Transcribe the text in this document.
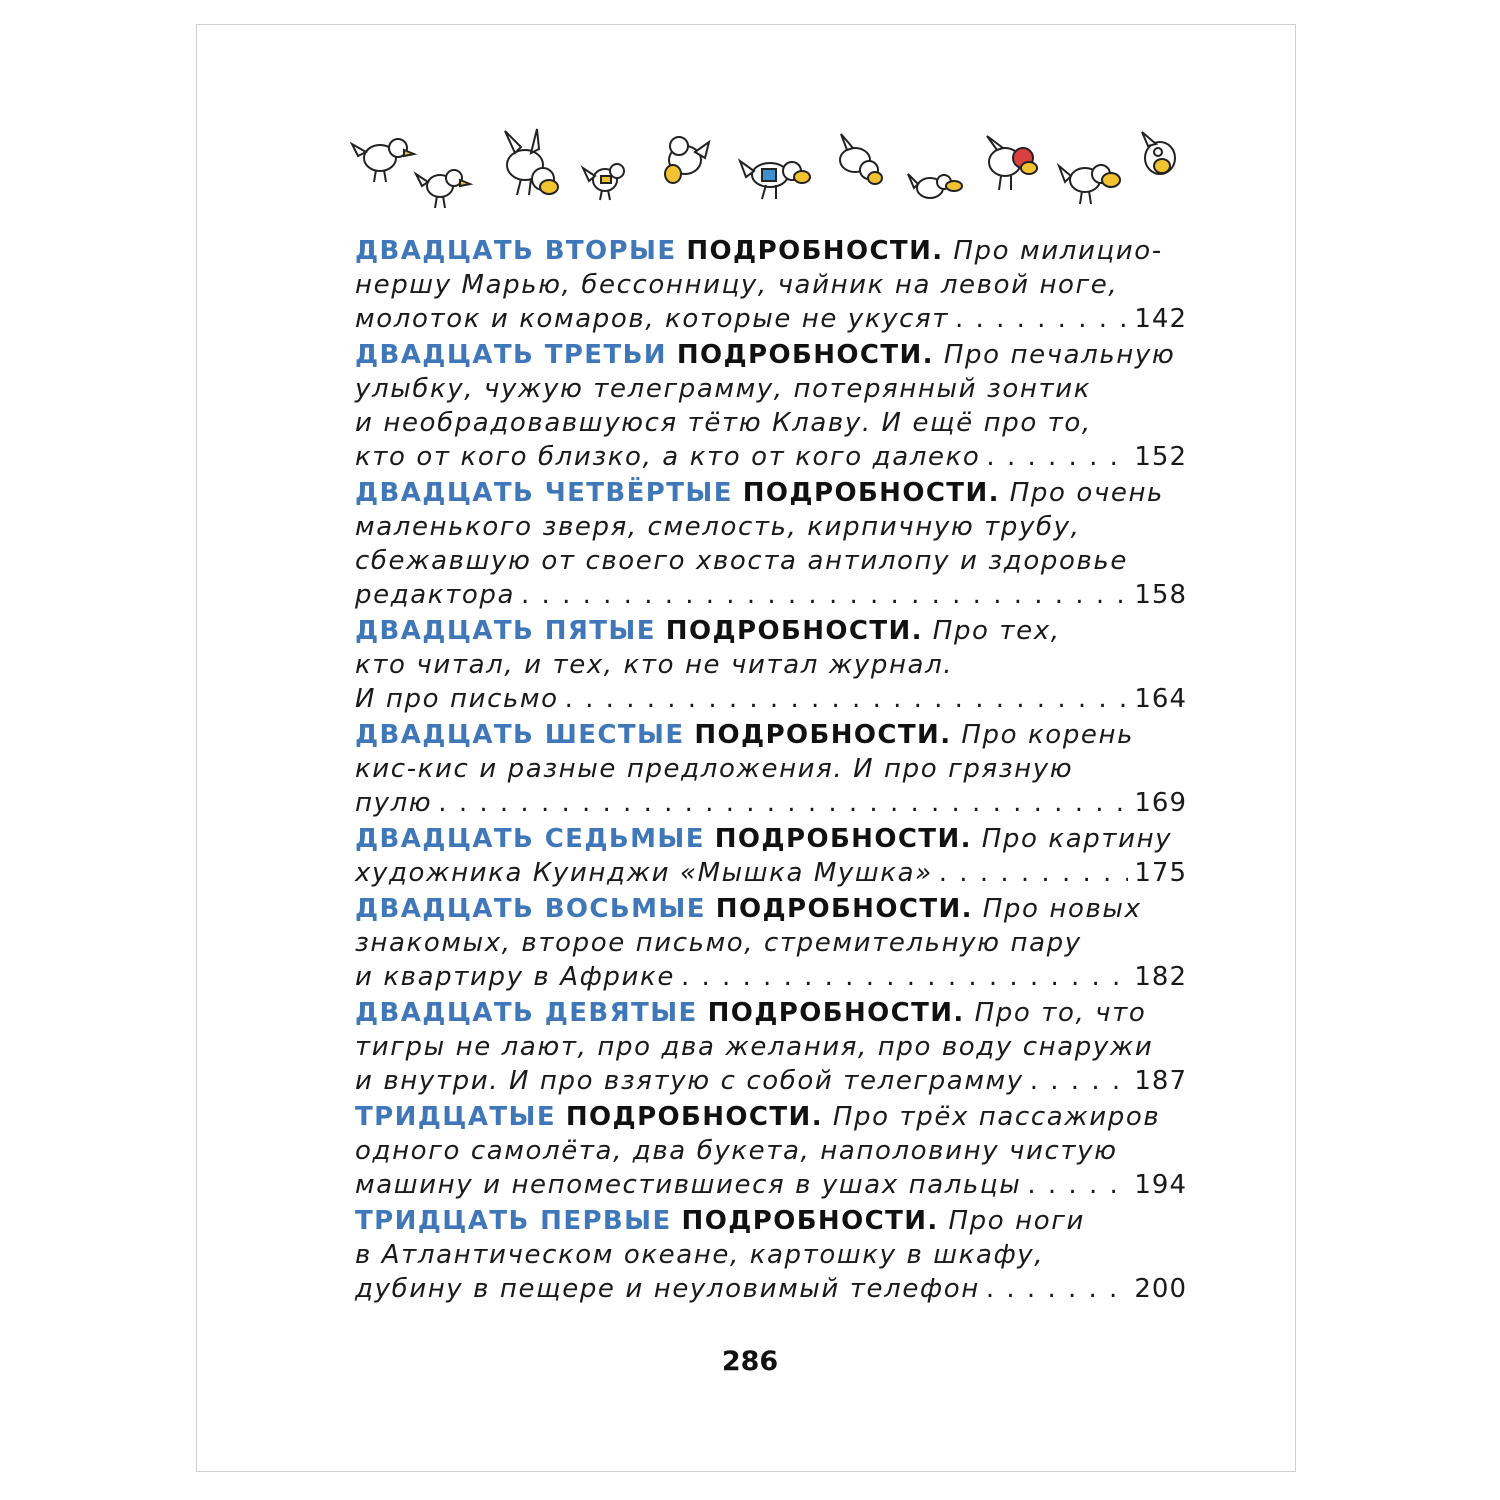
ДВАДЦАТЬ ВТОРЫЕ ПОДРОБНОСТИ. Про милицио-
нершу Марью, бессонницу, чайник на левой ноге,
молоток и комаров, которые не укусят . . .	142
ДВАДЦАТЬ ТРЕТЬИ ПОДРОБНОСТИ. Про печальную
улыбку, чужую телеграмму, потерянный зонтик
и необрадовавшуюся тётю Клаву. И ещё про то,
кто от кого близко, а кто от кого далеко . . .	152
ДВАДЦАТЬ ЧЕТВЁРТЫЕ ПОДРОБНОСТИ. Про очень
маленького зверя, смелость, кирпичную трубу,
сбежавшую от своего хвоста антилопу и здоровье
редактора . . .	158
ДВАДЦАТЬ ПЯТЫЕ ПОДРОБНОСТИ. Про тех,
кто читал, и тех, кто не читал журнал.
И про письмо . . .	164
ДВАДЦАТЬ ШЕСТЫЕ ПОДРОБНОСТИ. Про корень
кис-кис и разные предложения. И про грязную
пулю . . .	169
ДВАДЦАТЬ СЕДЬМЫЕ ПОДРОБНОСТИ. Про картину
художника Куинджи «Мышка Мушка» . . .	175
ДВАДЦАТЬ ВОСЬМЫЕ ПОДРОБНОСТИ. Про новых
знакомых, второе письмо, стремительную пару
и квартиру в Африке . . .	182
ДВАДЦАТЬ ДЕВЯТЫЕ ПОДРОБНОСТИ. Про то, что
тигры не лают, про два желания, про воду снаружи
и внутри. И про взятую с собой телеграмму . . .	187
ТРИДЦАТЫЕ ПОДРОБНОСТИ. Про трёх пассажиров
одного самолёта, два букета, наполовину чистую
машину и непоместившиеся в ушах пальцы . . .	194
ТРИДЦАТЬ ПЕРВЫЕ ПОДРОБНОСТИ. Про ноги
в Атлантическом океане, картошку в шкафу,
дубину в пещере и неуловимый телефон . . .	200
286
